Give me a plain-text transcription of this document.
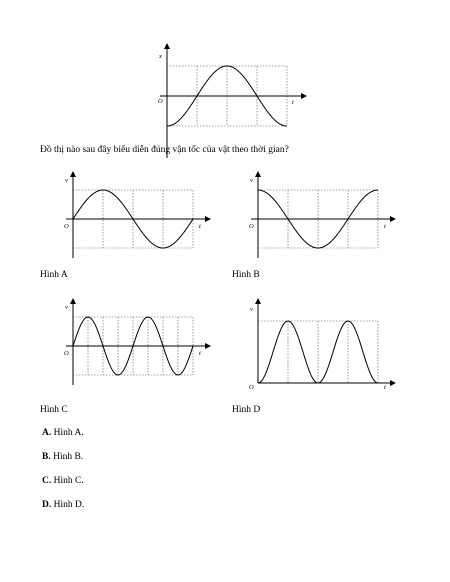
x
O	t
Đồ thị nào sau đây biểu diễn đúng vận tốc của vật theo thời gian?
v
O	t
Hình A
v
O	t
Hình B
v
O	t
Hình C
v
O	t
Hình D
A. Hình A.
B. Hình B.
C. Hình C.
D. Hình D.
